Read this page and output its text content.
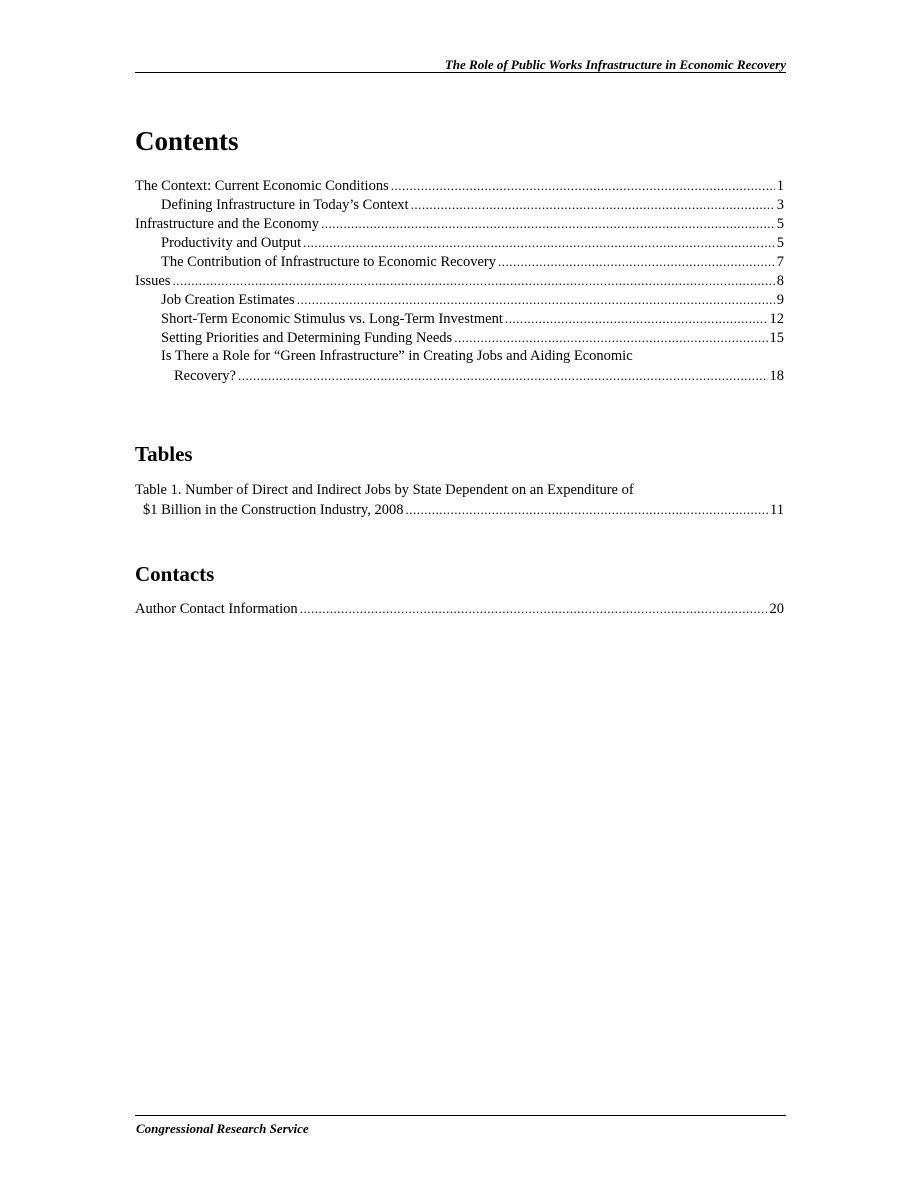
The Role of Public Works Infrastructure in Economic Recovery
Contents
The Context: Current Economic Conditions .....	1
Defining Infrastructure in Today’s Context .....	3
Infrastructure and the Economy .....	5
Productivity and Output .....	5
The Contribution of Infrastructure to Economic Recovery .....	7
Issues .....	8
Job Creation Estimates .....	9
Short-Term Economic Stimulus vs. Long-Term Investment .....	12
Setting Priorities and Determining Funding Needs .....	15
Is There a Role for “Green Infrastructure” in Creating Jobs and Aiding Economic
Recovery? .....	18
Tables
Table 1. Number of Direct and Indirect Jobs by State Dependent on an Expenditure of
$1 Billion in the Construction Industry, 2008 .....	11
Contacts
Author Contact Information .....	20
Congressional Research Service
